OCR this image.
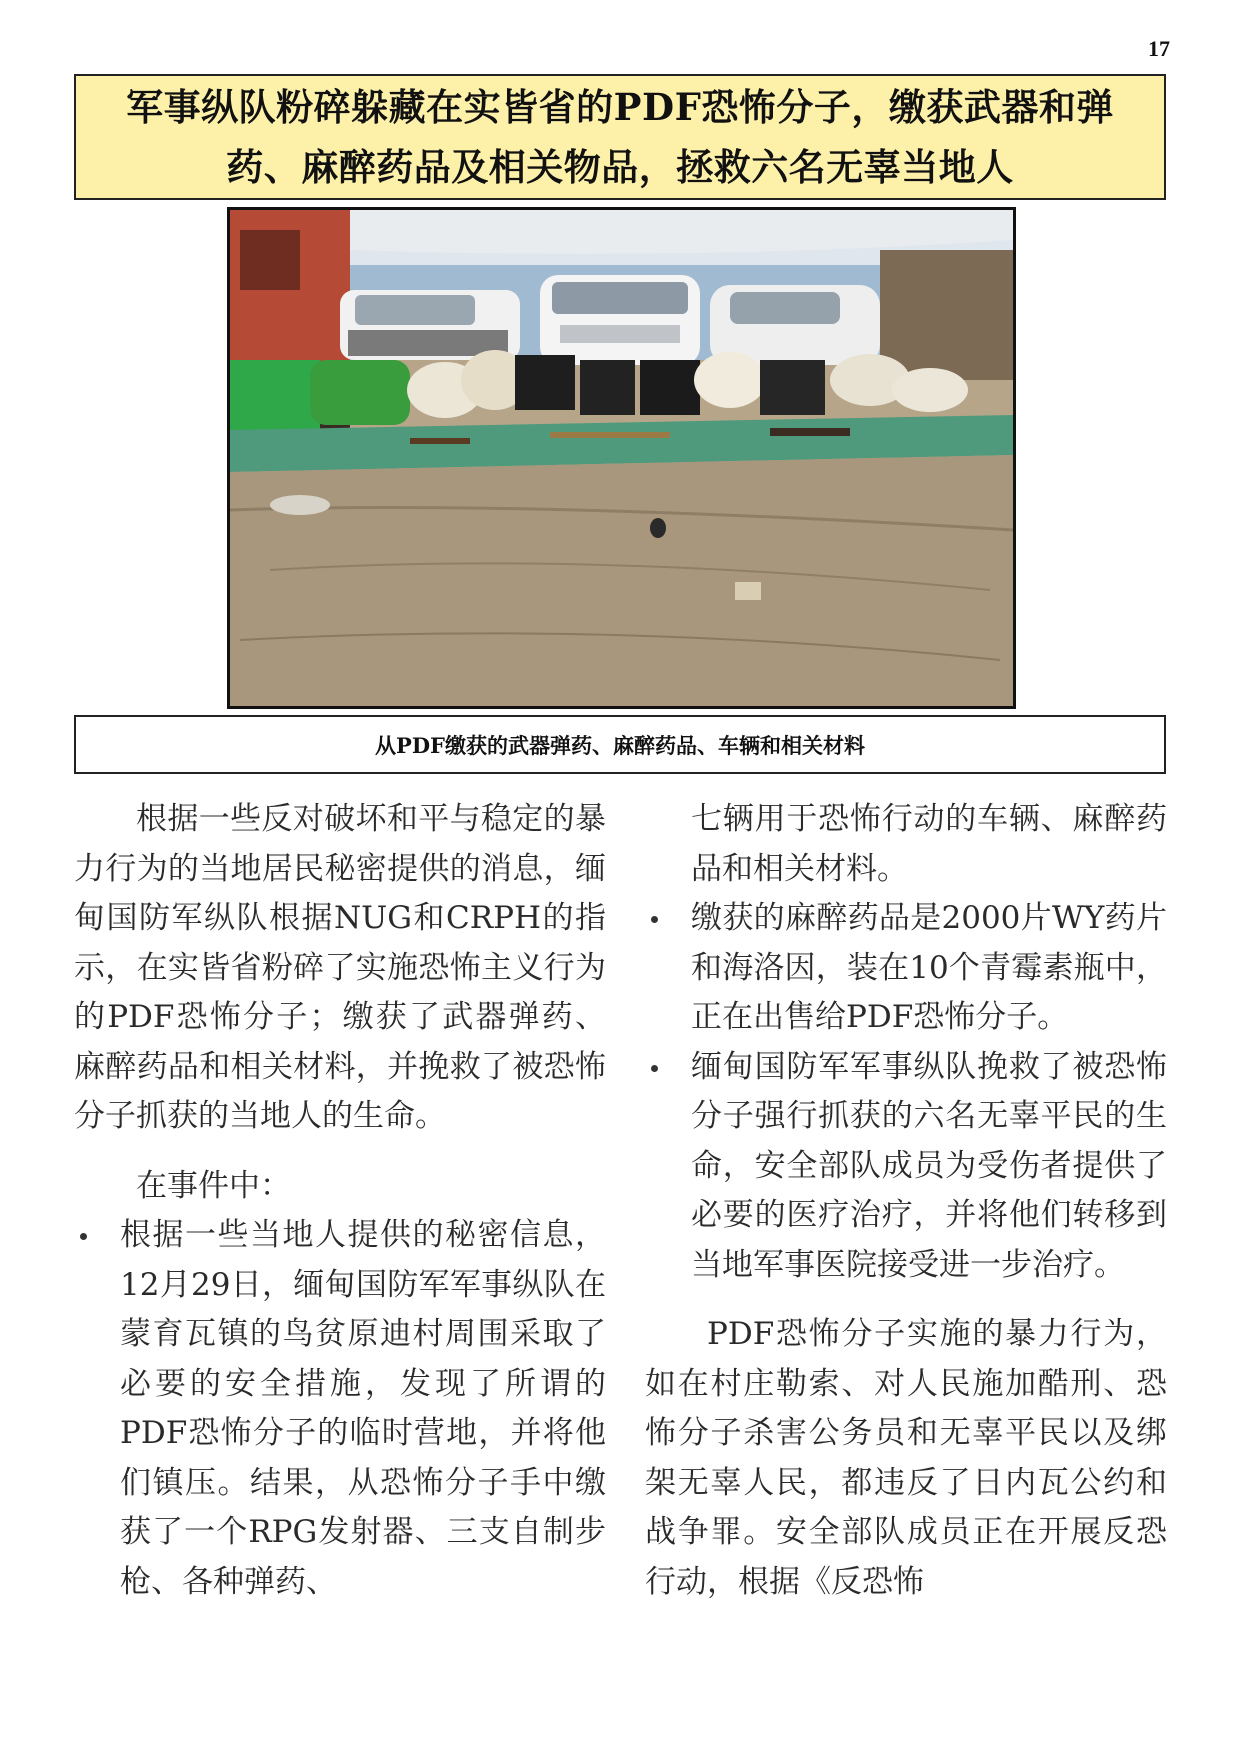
17
军事纵队粉碎躲藏在实皆省的PDF恐怖分子，缴获武器和弹药、麻醉药品及相关物品，拯救六名无辜当地人
从PDF缴获的武器弹药、麻醉药品、车辆和相关材料

根据一些反对破坏和平与稳定的暴力行为的当地居民秘密提供的消息，缅甸国防军纵队根据NUG和CRPH的指示，在实皆省粉碎了实施恐怖主义行为的PDF恐怖分子；缴获了武器弹药、麻醉药品和相关材料，并挽救了被恐怖分子抓获的当地人的生命。

在事件中：

根据一些当地人提供的秘密信息，12月29日，缅甸国防军军事纵队在蒙育瓦镇的鸟贫原迪村周围采取了必要的安全措施，发现了所谓的PDF恐怖分子的临时营地，并将他们镇压。结果，从恐怖分子手中缴获了一个RPG发射器、三支自制步枪、各种弹药、

七辆用于恐怖行动的车辆、麻醉药品和相关材料。

缴获的麻醉药品是2000片WY药片和海洛因，装在10个青霉素瓶中，正在出售给PDF恐怖分子。

缅甸国防军军事纵队挽救了被恐怖分子强行抓获的六名无辜平民的生命，安全部队成员为受伤者提供了必要的医疗治疗，并将他们转移到当地军事医院接受进一步治疗。

PDF恐怖分子实施的暴力行为，如在村庄勒索、对人民施加酷刑、恐怖分子杀害公务员和无辜平民以及绑架无辜人民，都违反了日内瓦公约和战争罪。安全部队成员正在开展反恐行动，根据《反恐怖
